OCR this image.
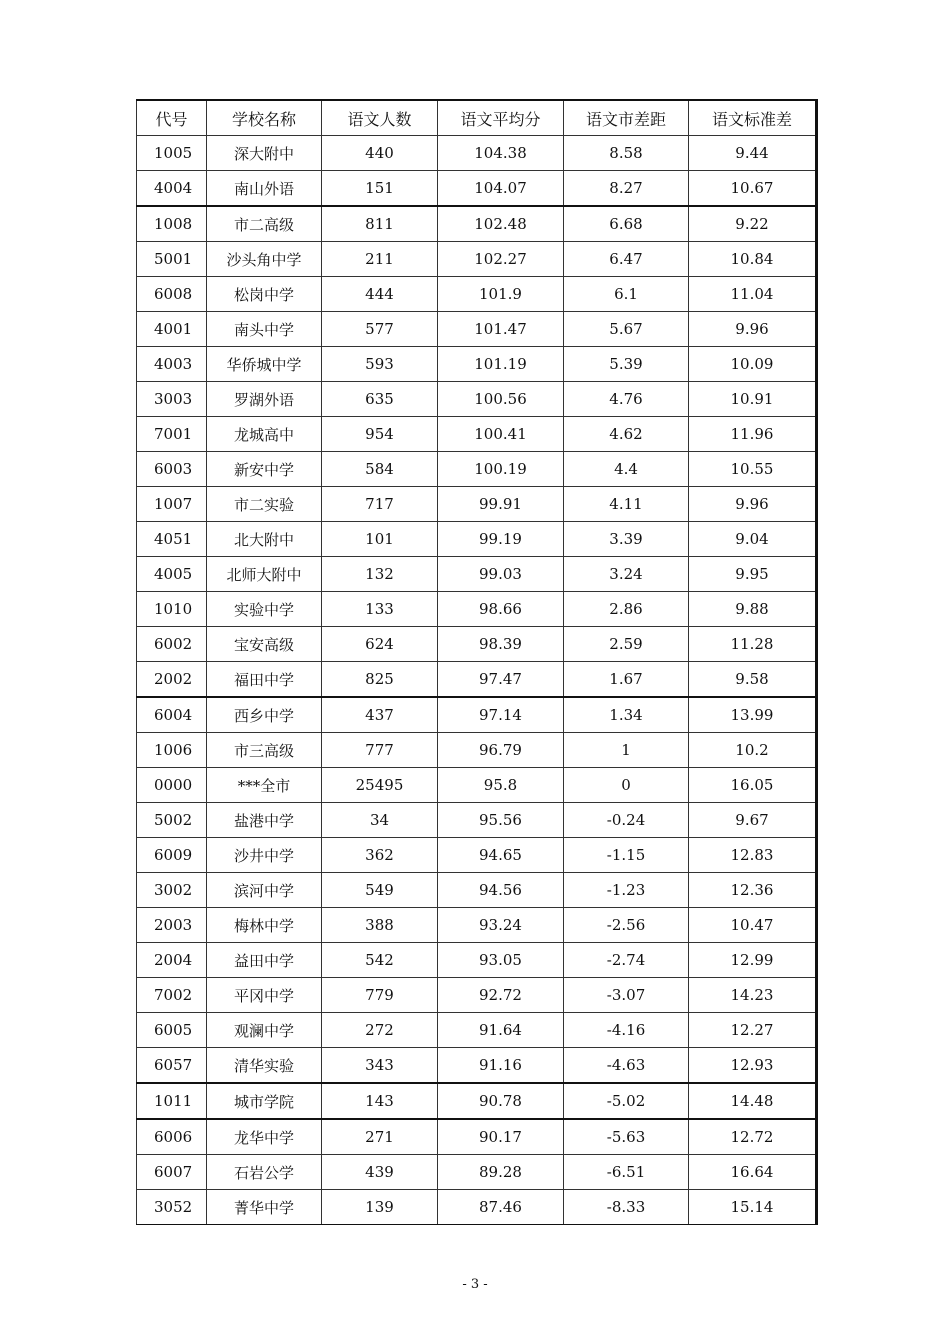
代号	学校名称	语文人数	语文平均分	语文市差距	语文标准差
1005	深大附中	440	104.38	8.58	9.44
4004	南山外语	151	104.07	8.27	10.67
1008	市二高级	811	102.48	6.68	9.22
5001	沙头角中学	211	102.27	6.47	10.84
6008	松岗中学	444	101.9	6.1	11.04
4001	南头中学	577	101.47	5.67	9.96
4003	华侨城中学	593	101.19	5.39	10.09
3003	罗湖外语	635	100.56	4.76	10.91
7001	龙城高中	954	100.41	4.62	11.96
6003	新安中学	584	100.19	4.4	10.55
1007	市二实验	717	99.91	4.11	9.96
4051	北大附中	101	99.19	3.39	9.04
4005	北师大附中	132	99.03	3.24	9.95
1010	实验中学	133	98.66	2.86	9.88
6002	宝安高级	624	98.39	2.59	11.28
2002	福田中学	825	97.47	1.67	9.58
6004	西乡中学	437	97.14	1.34	13.99
1006	市三高级	777	96.79	1	10.2
0000	***全市	25495	95.8	0	16.05
5002	盐港中学	34	95.56	-0.24	9.67
6009	沙井中学	362	94.65	-1.15	12.83
3002	滨河中学	549	94.56	-1.23	12.36
2003	梅林中学	388	93.24	-2.56	10.47
2004	益田中学	542	93.05	-2.74	12.99
7002	平冈中学	779	92.72	-3.07	14.23
6005	观澜中学	272	91.64	-4.16	12.27
6057	清华实验	343	91.16	-4.63	12.93
1011	城市学院	143	90.78	-5.02	14.48
6006	龙华中学	271	90.17	-5.63	12.72
6007	石岩公学	439	89.28	-6.51	16.64
3052	菁华中学	139	87.46	-8.33	15.14
- 3 -
